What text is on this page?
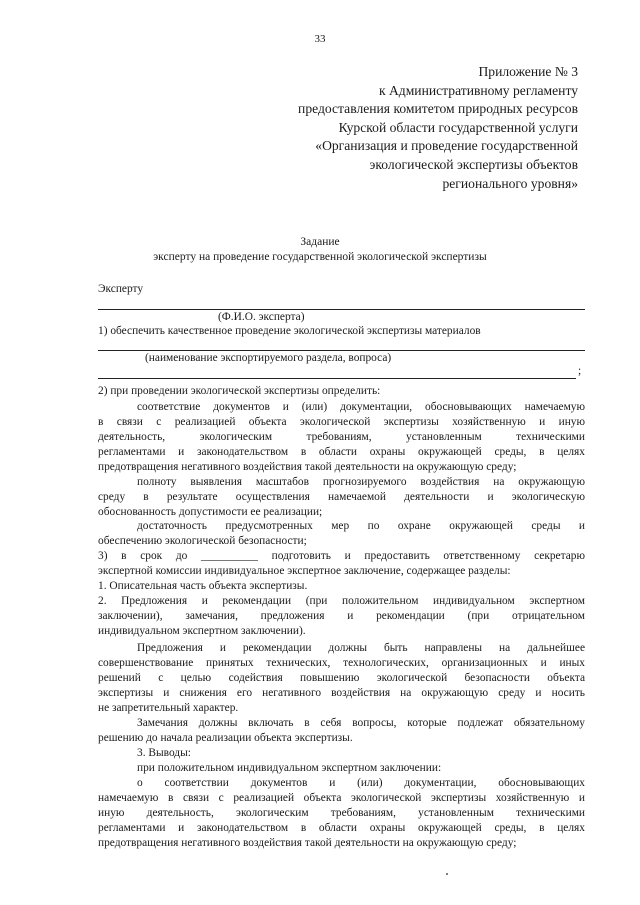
33
Приложение № 3
к Административному регламенту
предоставления комитетом природных ресурсов
Курской области государственной услуги
«Организация и проведение государственной
экологической экспертизы объектов
регионального уровня»
Задание
эксперту на проведение государственной экологической экспертизы
Эксперту
(Ф.И.О. эксперта)
1) обеспечить качественное проведение экологической экспертизы материалов
(наименование экспортируемого раздела, вопроса)
;
2) при проведении экологической экспертизы определить:
соответствие документов и (или) документации, обосновывающих намечаемую
в связи с реализацией объекта экологической экспертизы хозяйственную и иную
деятельность, экологическим требованиям, установленным техническими
регламентами и законодательством в области охраны окружающей среды, в целях
предотвращения негативного воздействия такой деятельности на окружающую среду;
полноту выявления масштабов прогнозируемого воздействия на окружающую
среду в результате осуществления намечаемой деятельности и экологическую
обоснованность допустимости ее реализации;
достаточность предусмотренных мер по охране окружающей среды и
обеспечению экологической безопасности;
3) в срок до __________ подготовить и предоставить ответственному секретарю
экспертной комиссии индивидуальное экспертное заключение, содержащее разделы:
1. Описательная часть объекта экспертизы.
2. Предложения и рекомендации (при положительном индивидуальном экспертном
заключении), замечания, предложения и рекомендации (при отрицательном
индивидуальном экспертном заключении).
Предложения и рекомендации должны быть направлены на дальнейшее
совершенствование принятых технических, технологических, организационных и иных
решений с целью содействия повышению экологической безопасности объекта
экспертизы и снижения его негативного воздействия на окружающую среду и носить
не запретительный характер.
Замечания должны включать в себя вопросы, которые подлежат обязательному
решению до начала реализации объекта экспертизы.
3. Выводы:
при положительном индивидуальном экспертном заключении:
о соответствии документов и (или) документации, обосновывающих
намечаемую в связи с реализацией объекта экологической экспертизы хозяйственную и
иную деятельность, экологическим требованиям, установленным техническими
регламентами и законодательством в области охраны окружающей среды, в целях
предотвращения негативного воздействия такой деятельности на окружающую среду;
